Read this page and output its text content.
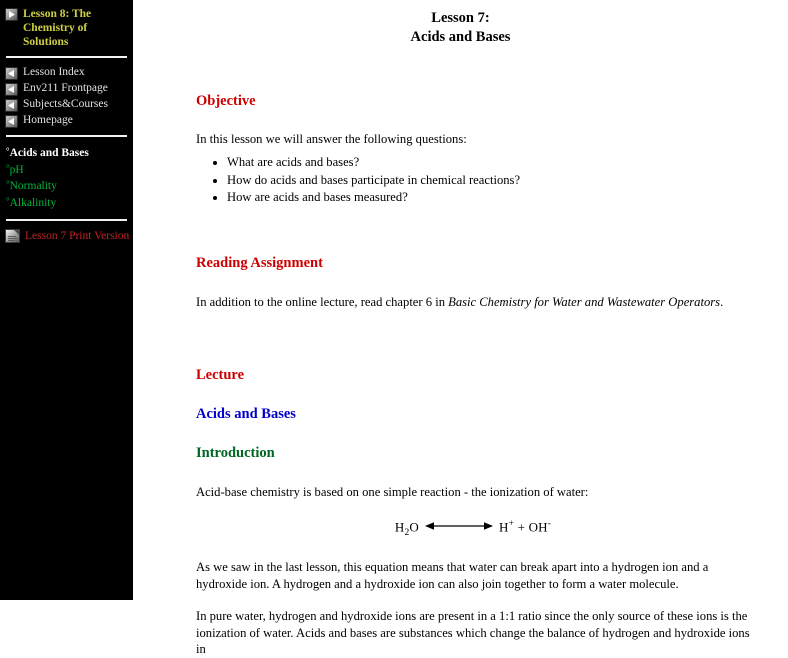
Lesson 8: The Chemistry of Solutions
Lesson Index
Env211 Frontpage
Subjects&Courses
Homepage
°Acids and Bases
°pH
°Normality
°Alkalinity
Lesson 7 Print Version
Lesson 7:
Acids and Bases
Objective

In this lesson we will answer the following questions:

• What are acids and bases?
• How do acids and bases participate in chemical reactions?
• How are acids and bases measured?
Reading Assignment

In addition to the online lecture, read chapter 6 in Basic Chemistry for Water and Wastewater Operators.

Lecture
Acids and Bases
Introduction

Acid-base chemistry is based on one simple reaction - the ionization of water:

$H_2O$	H+ + OH-

As we saw in the last lesson, this equation means that water can break apart into a hydrogen ion and a hydroxide ion. A hydrogen and a hydroxide ion can also join together to form a water molecule.

In pure water, hydrogen and hydroxide ions are present in a 1:1 ratio since the only source of these ions is the ionization of water. Acids and bases are substances which change the balance of hydrogen and hydroxide ions in
